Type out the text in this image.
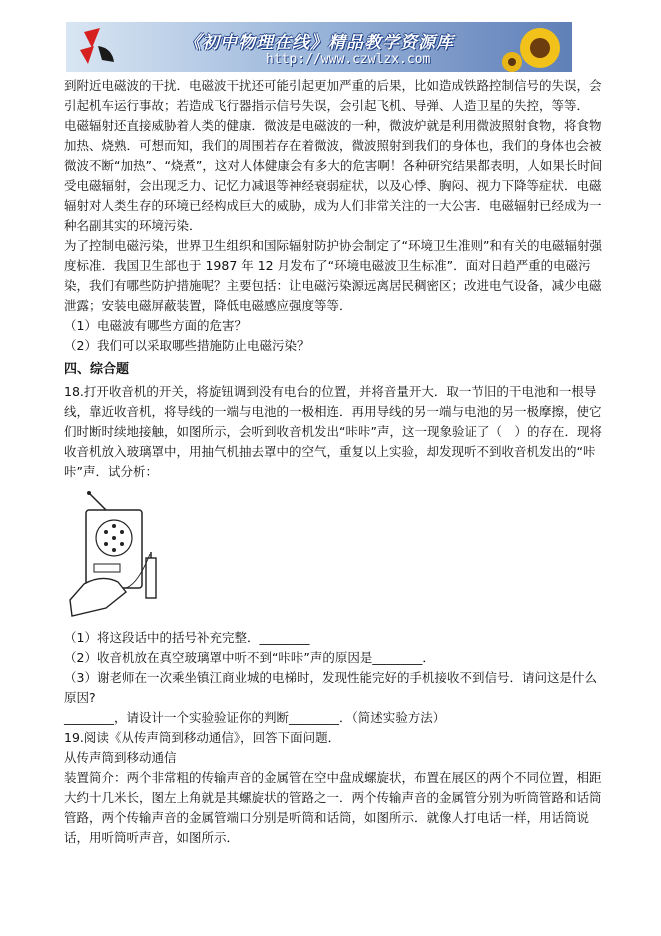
《初中物理在线》精品教学资源库
http://www.czwlzx.com

到附近电磁波的干扰．电磁波干扰还可能引起更加严重的后果，比如造成铁路控制信号的失误，会引起机车运行事故；若造成飞行器指示信号失误，会引起飞机、导弹、人造卫星的失控，等等．

电磁辐射还直接威胁着人类的健康．微波是电磁波的一种，微波炉就是利用微波照射食物，将食物加热、烧熟．可想而知，我们的周围若存在着微波，微波照射到我们的身体也，我们的身体也会被微波不断“加热”、“烧煮”，这对人体健康会有多大的危害啊！各种研究结果都表明，人如果长时间受电磁辐射，会出现乏力、记忆力减退等神经衰弱症状，以及心悸、胸闷、视力下降等症状．电磁辐射对人类生存的环境已经构成巨大的威胁，成为人们非常关注的一大公害．电磁辐射已经成为一种名副其实的环境污染．

为了控制电磁污染，世界卫生组织和国际辐射防护协会制定了“环境卫生准则”和有关的电磁辐射强度标准．我国卫生部也于 1987 年 12 月发布了“环境电磁波卫生标准”．面对日趋严重的电磁污染，我们有哪些防护措施呢？主要包括：让电磁污染源远离居民稠密区；改进电气设备，减少电磁泄露；安装电磁屏蔽装置，降低电磁感应强度等等．

（1）电磁波有哪些方面的危害？

（2）我们可以采取哪些措施防止电磁污染？

四、综合题

18.打开收音机的开关，将旋钮调到没有电台的位置，并将音量开大．取一节旧的干电池和一根导线，靠近收音机，将导线的一端与电池的一极相连．再用导线的另一端与电池的另一极摩擦，使它们时断时续地接触，如图所示，会听到收音机发出“咔咔”声，这一现象验证了（　）的存在．现将收音机放入玻璃罩中，用抽气机抽去罩中的空气，重复以上实验，却发现听不到收音机发出的“咔咔”声．试分析：

（1）将这段话中的括号补充完整．________

（2）收音机放在真空玻璃罩中听不到“咔咔”声的原因是________．

（3）谢老师在一次乘坐镇江商业城的电梯时，发现性能完好的手机接收不到信号．请问这是什么原因?

________，请设计一个实验验证你的判断________．（简述实验方法）

19.阅读《从传声筒到移动通信》，回答下面问题．

从传声筒到移动通信

装置简介：两个非常粗的传输声音的金属管在空中盘成螺旋状，布置在展区的两个不同位置，相距大约十几米长，图左上角就是其螺旋状的管路之一．两个传输声音的金属管分别为听筒管路和话筒管路，两个传输声音的金属管端口分别是听筒和话筒，如图所示．就像人打电话一样，用话筒说话，用听筒听声音，如图所示．
